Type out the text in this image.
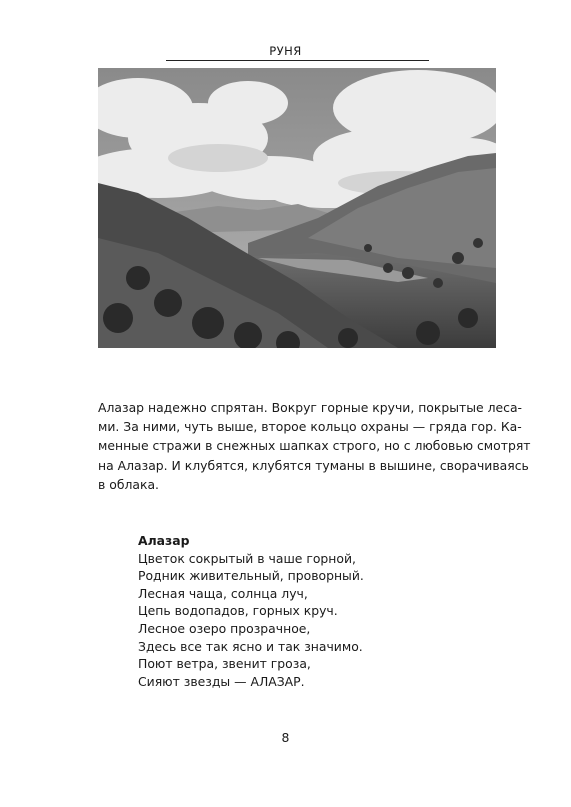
РУНЯ
Алазар надежно спрятан. Вокруг горные кручи, покрытые леса-
ми. За ними, чуть выше, второе кольцо охраны — гряда гор. Ка-
менные стражи в снежных шапках строго, но с любовью смотрят
на Алазар. И клубятся, клубятся туманы в вышине, сворачиваясь
в облака.
Алазар
Цветок сокрытый в чаше горной,
Родник живительный, проворный.
Лесная чаща, солнца луч,
Цепь водопадов, горных круч.
Лесное озеро прозрачное,
Здесь все так ясно и так значимо.
Поют ветра, звенит гроза,
Сияют звезды — АЛАЗАР.
8
